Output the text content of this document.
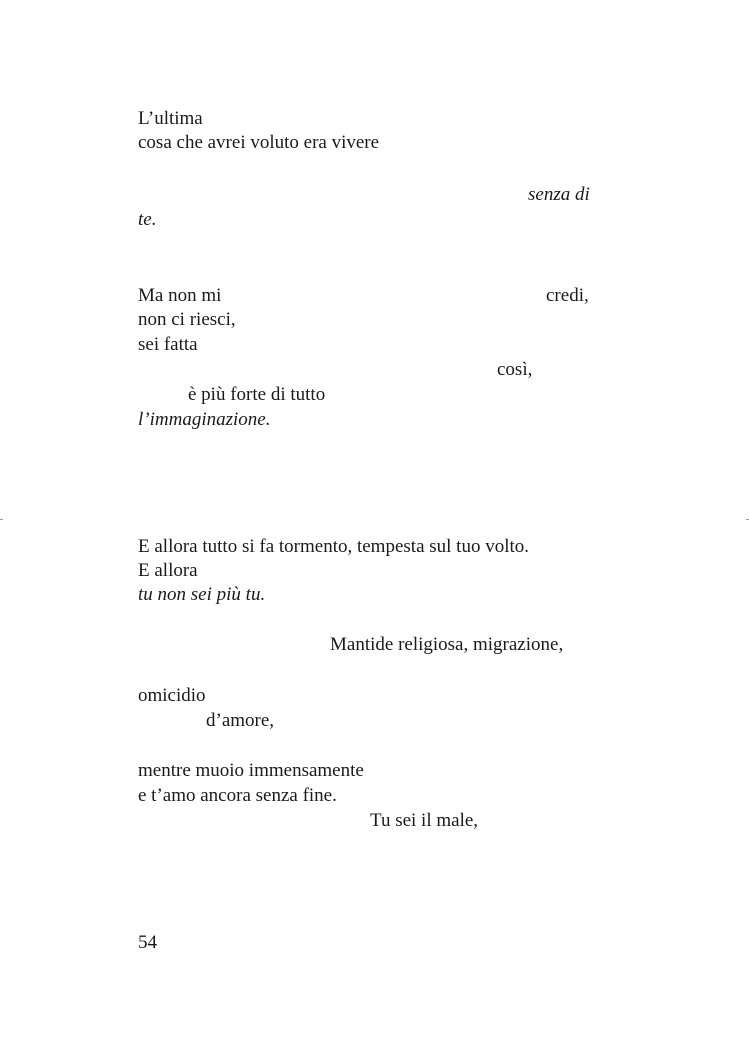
L’ultima

cosa che avrei voluto era vivere

senza di

te.

Ma non mi	credi,

non ci riesci,

sei fatta

così,

è più forte di tutto

l’immaginazione.

E allora tutto si fa tormento, tempesta sul tuo volto.

E allora

tu non sei più tu.

Mantide religiosa, migrazione,

omicidio

d’amore,

mentre muoio immensamente

e t’amo ancora senza fine.

Tu sei il male,

54
